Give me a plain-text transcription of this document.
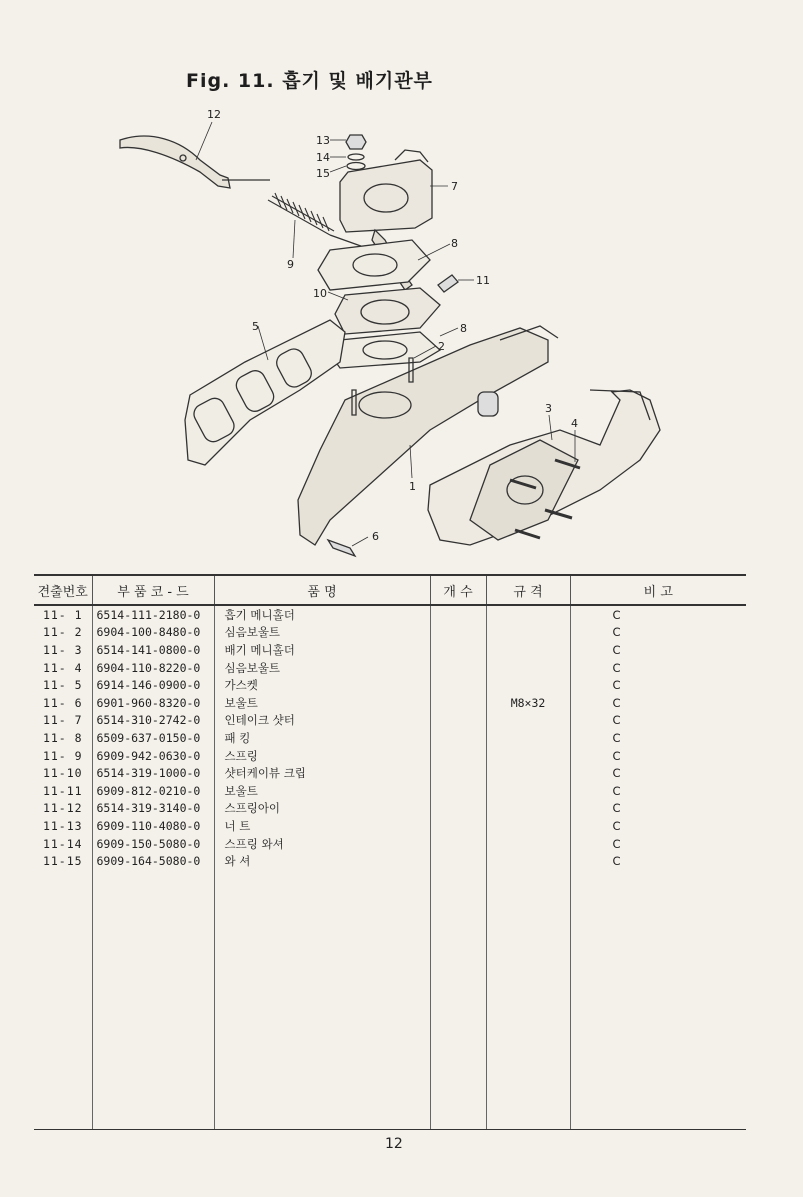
Fig. 11. 흡기 및 배기관부
12
13
14
15
7
8
9
11
10
5	8
2
3
4
1
6
견출번호	부 품 코 - 드	품 명	개 수	규 격	비 고
11- 1	6514-111-2180-0	흡기 메니홀더			C
11- 2	6904-100-8480-0	심음보울트			C
11- 3	6514-141-0800-0	배기 메니홀더			C
11- 4	6904-110-8220-0	심음보울트			C
11- 5	6914-146-0900-0	가스켓			C
11- 6	6901-960-8320-0	보울트		M8×32	C
11- 7	6514-310-2742-0	인테이크 샷터			C
11- 8	6509-637-0150-0	패 킹			C
11- 9	6909-942-0630-0	스프링			C
11-10	6514-319-1000-0	샷터케이뷰 크립			C
11-11	6909-812-0210-0	보울트			C
11-12	6514-319-3140-0	스프링아이			C
11-13	6909-110-4080-0	너 트			C
11-14	6909-150-5080-0	스프링 와셔			C
11-15	6909-164-5080-0	와 셔			C

12
